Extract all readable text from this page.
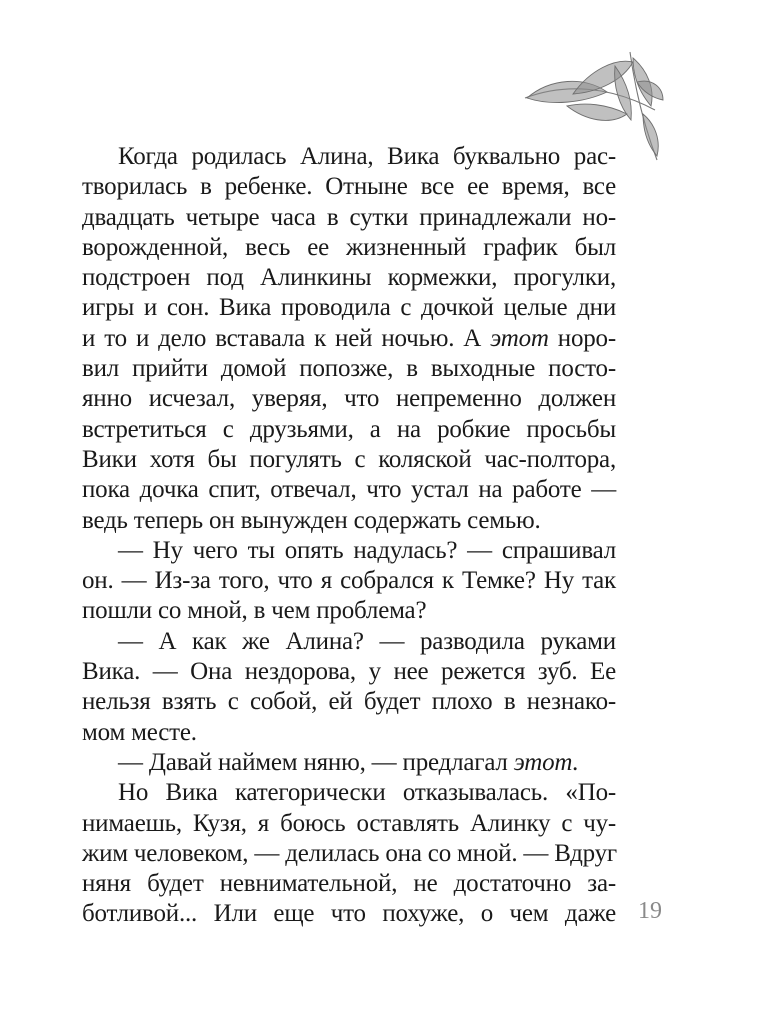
Когда родилась Алина, Вика буквально рас-
творилась в ребенке. Отныне все ее время, все
двадцать четыре часа в сутки принадлежали но-
ворожденной, весь ее жизненный график был
подстроен под Алинкины кормежки, прогулки,
игры и сон. Вика проводила с дочкой целые дни
и то и дело вставала к ней ночью. А этот норо-
вил прийти домой попозже, в выходные посто-
янно исчезал, уверяя, что непременно должен
встретиться с друзьями, а на робкие просьбы
Вики хотя бы погулять с коляской час-полтора,
пока дочка спит, отвечал, что устал на работе —
ведь теперь он вынужден содержать семью.
— Ну чего ты опять надулась? — спрашивал
он. — Из-за того, что я собрался к Темке? Ну так
пошли со мной, в чем проблема?
— А как же Алина? — разводила руками
Вика. — Она нездорова, у нее режется зуб. Ее
нельзя взять с собой, ей будет плохо в незнако-
мом месте.
— Давай наймем няню, — предлагал этот.
Но Вика категорически отказывалась. «По-
нимаешь, Кузя, я боюсь оставлять Алинку с чу-
жим человеком, — делилась она со мной. — Вдруг
няня будет невнимательной, не достаточно за-
ботливой... Или еще что похуже, о чем даже 19
